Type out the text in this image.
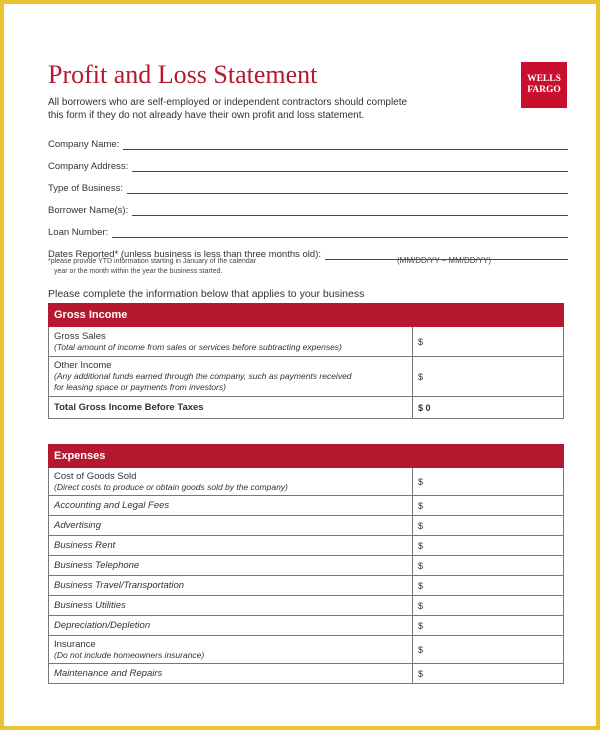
Profit and Loss Statement	WELLS
FARGO
All borrowers who are self-employed or independent contractors should complete
this form if they do not already have their own profit and loss statement.
Company Name:
Company Address:
Type of Business:
Borrower Name(s):
Loan Number:
Dates Reported* (unless business is less than three months old):
*please provide YTD information starting in January of the calendar
year or the month within the year the business started.
(MM/DD/YY – MM/DD/YY)
Please complete the information below that applies to your business
Gross Income	

Gross Sales
(Total amount of income from sales or services before subtracting expenses)	$

Other Income
(Any additional funds earned through the company, such as payments received
for leasing space or payments from investors)	$
Total Gross Income Before Taxes	$ 0
Expenses	

Cost of Goods Sold
(Direct costs to produce or obtain goods sold by the company)	$
Accounting and Legal Fees	$
Advertising	$
Business Rent	$
Business Telephone	$
Business Travel/Transportation	$
Business Utilities	$
Depreciation/Depletion	$

Insurance
(Do not include homeowners insurance)	$
Maintenance and Repairs	$
